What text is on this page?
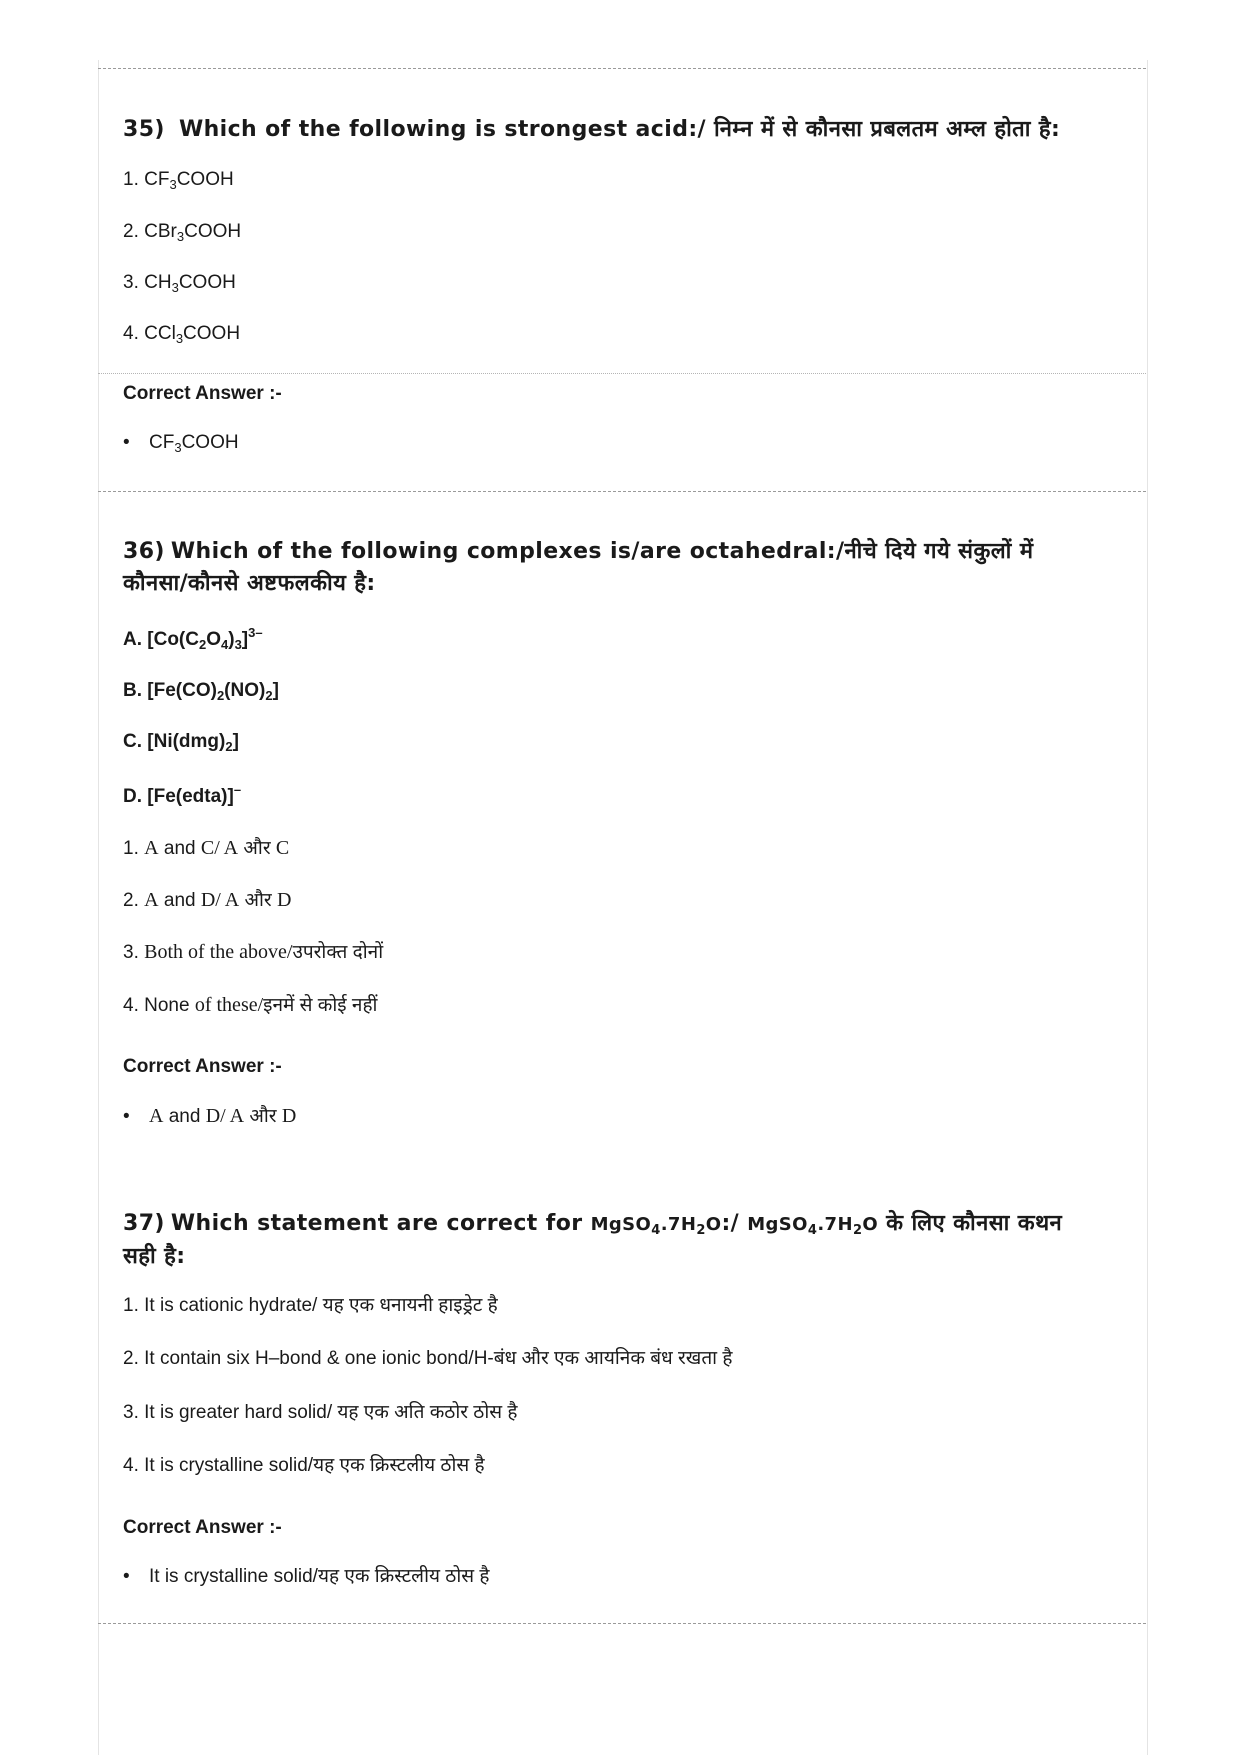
35) Which of the following is strongest acid:/ निम्न में से कौनसा प्रबलतम अम्ल होता है:
1. $CF_3COOH$
2. CBr$_3$COOH
3. $CH_3COOH$
4. CCl$_3$COOH
Correct Answer :-
• $CF_3COOH$
36) Which of the following complexes is/are octahedral:/नीचे दिये गये संकुलों में
कौनसा/कौनसे अष्टफलकीय है:
A. $[Co(C_2O_4)_3]^{3-}$
B. $[Fe(CO)_2(NO)_2]$
C. $[Ni(dmg)_2]$
D. [Fe(edta)]–
1. A and C/ A और C
2. A and D/ A और D
3. Both of the above/उपरोक्त दोनों
4. None of these/इनमें से कोई नहीं
Correct Answer :-
• A and D/ A और D
37) Which statement are correct for $MgSO_4.7H_2O:/$ $MgSO_4.7H_2O$ के लिए कौनसा कथन
सही है:
1. It is cationic hydrate/ यह एक धनायनी हाइड्रेट है
2. It contain six H–bond & one ionic bond/H-बंध और एक आयनिक बंध रखता है
3. It is greater hard solid/ यह एक अति कठोर ठोस है
4. It is crystalline solid/यह एक क्रिस्टलीय ठोस है
Correct Answer :-
• It is crystalline solid/यह एक क्रिस्टलीय ठोस है
